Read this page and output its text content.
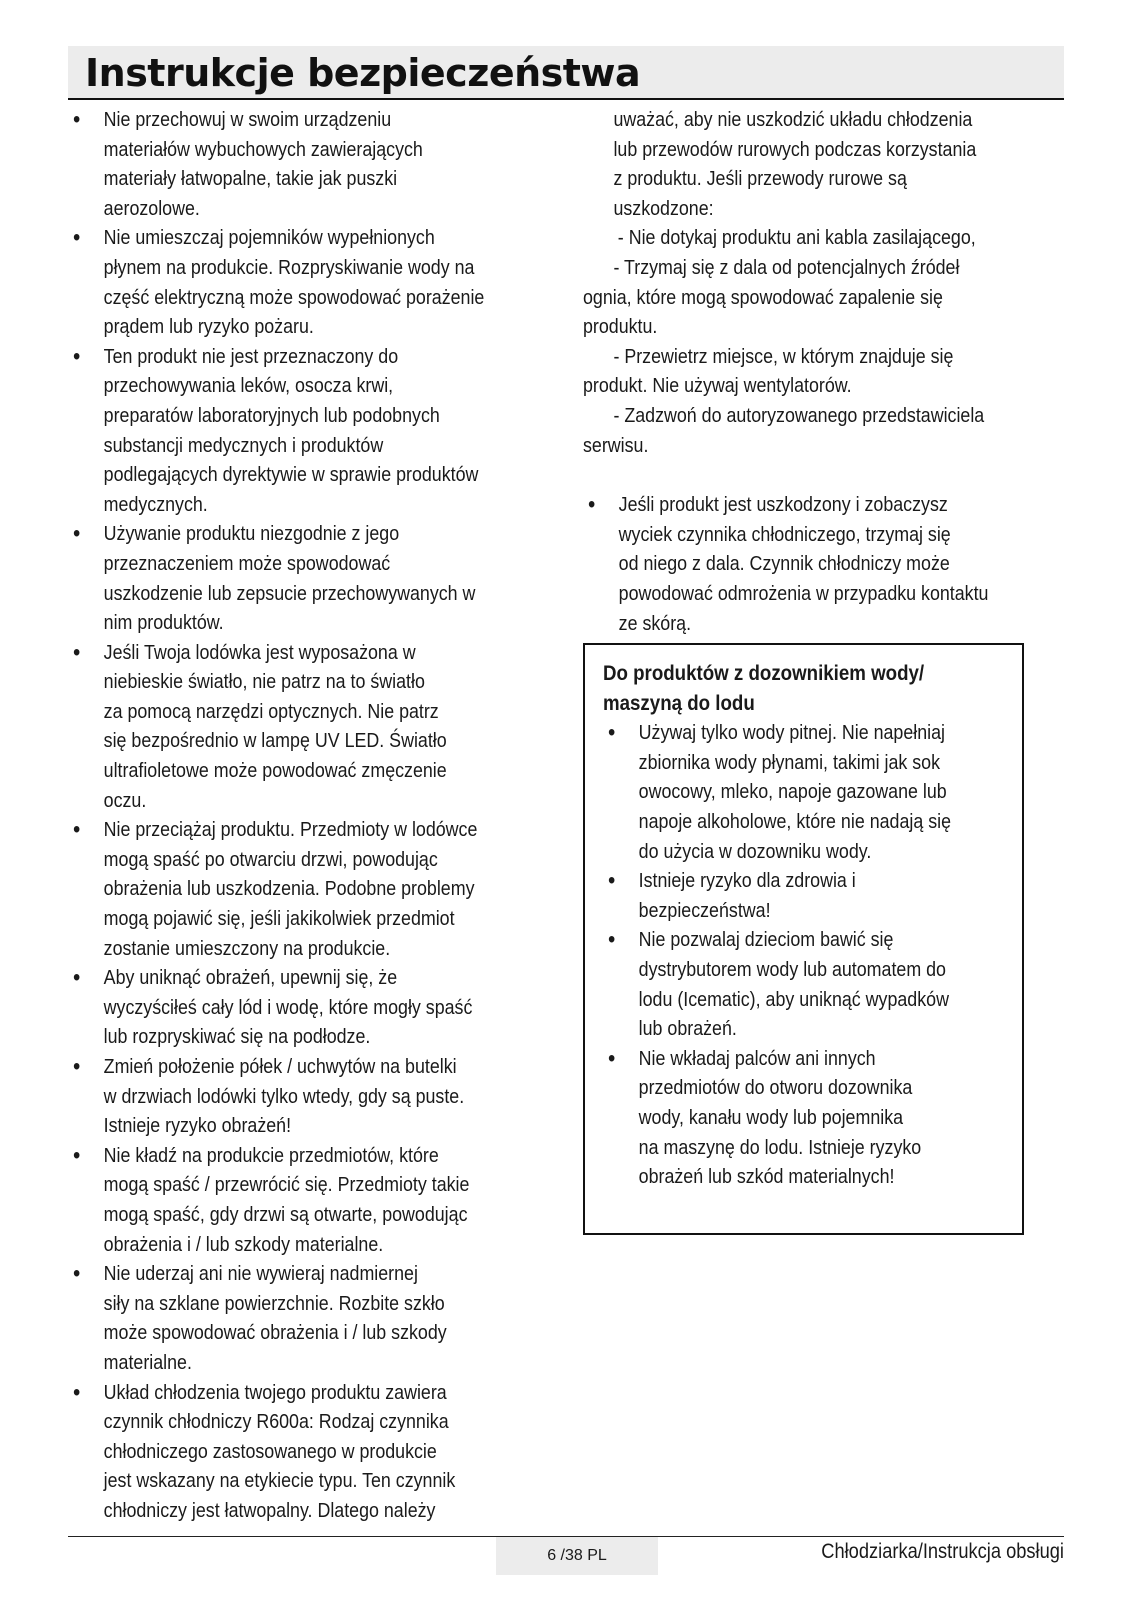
Instrukcje bezpieczeństwa
• Nie przechowuj w swoim urządzeniu
materiałów wybuchowych zawierających
materiały łatwopalne, takie jak puszki
aerozolowe.
• Nie umieszczaj pojemników wypełnionych
płynem na produkcie. Rozpryskiwanie wody na
część elektryczną może spowodować porażenie
prądem lub ryzyko pożaru.
• Ten produkt nie jest przeznaczony do
przechowywania leków, osocza krwi,
preparatów laboratoryjnych lub podobnych
substancji medycznych i produktów
podlegających dyrektywie w sprawie produktów
medycznych.
• Używanie produktu niezgodnie z jego
przeznaczeniem może spowodować
uszkodzenie lub zepsucie przechowywanych w
nim produktów.
• Jeśli Twoja lodówka jest wyposażona w
niebieskie światło, nie patrz na to światło
za pomocą narzędzi optycznych. Nie patrz
się bezpośrednio w lampę UV LED. Światło
ultrafioletowe może powodować zmęczenie
oczu.
• Nie przeciążaj produktu. Przedmioty w lodówce
mogą spaść po otwarciu drzwi, powodując
obrażenia lub uszkodzenia. Podobne problemy
mogą pojawić się, jeśli jakikolwiek przedmiot
zostanie umieszczony na produkcie.
• Aby uniknąć obrażeń, upewnij się, że
wyczyściłeś cały lód i wodę, które mogły spaść
lub rozpryskiwać się na podłodze.
• Zmień położenie półek / uchwytów na butelki
w drzwiach lodówki tylko wtedy, gdy są puste.
Istnieje ryzyko obrażeń!
• Nie kładź na produkcie przedmiotów, które
mogą spaść / przewrócić się. Przedmioty takie
mogą spaść, gdy drzwi są otwarte, powodując
obrażenia i / lub szkody materialne.
• Nie uderzaj ani nie wywieraj nadmiernej
siły na szklane powierzchnie. Rozbite szkło
może spowodować obrażenia i / lub szkody
materialne.
• Układ chłodzenia twojego produktu zawiera
czynnik chłodniczy R600a: Rodzaj czynnika
chłodniczego zastosowanego w produkcie
jest wskazany na etykiecie typu. Ten czynnik
chłodniczy jest łatwopalny. Dlatego należy
uważać, aby nie uszkodzić układu chłodzenia
lub przewodów rurowych podczas korzystania
z produktu. Jeśli przewody rurowe są
uszkodzone:
- Nie dotykaj produktu ani kabla zasilającego,
- Trzymaj się z dala od potencjalnych źródeł
ognia, które mogą spowodować zapalenie się
produktu.
- Przewietrz miejsce, w którym znajduje się
produkt. Nie używaj wentylatorów.
- Zadzwoń do autoryzowanego przedstawiciela
serwisu.
• Jeśli produkt jest uszkodzony i zobaczysz
wyciek czynnika chłodniczego, trzymaj się
od niego z dala. Czynnik chłodniczy może
powodować odmrożenia w przypadku kontaktu
ze skórą.
Do produktów z dozownikiem wody/
maszyną do lodu
• Używaj tylko wody pitnej. Nie napełniaj
zbiornika wody płynami, takimi jak sok
owocowy, mleko, napoje gazowane lub
napoje alkoholowe, które nie nadają się
do użycia w dozowniku wody.
• Istnieje ryzyko dla zdrowia i
bezpieczeństwa!
• Nie pozwalaj dzieciom bawić się
dystrybutorem wody lub automatem do
lodu (Icematic), aby uniknąć wypadków
lub obrażeń.
• Nie wkładaj palców ani innych
przedmiotów do otworu dozownika
wody, kanału wody lub pojemnika
na maszynę do lodu. Istnieje ryzyko
obrażeń lub szkód materialnych!
6 /38 PL	Chłodziarka/Instrukcja obsługi
